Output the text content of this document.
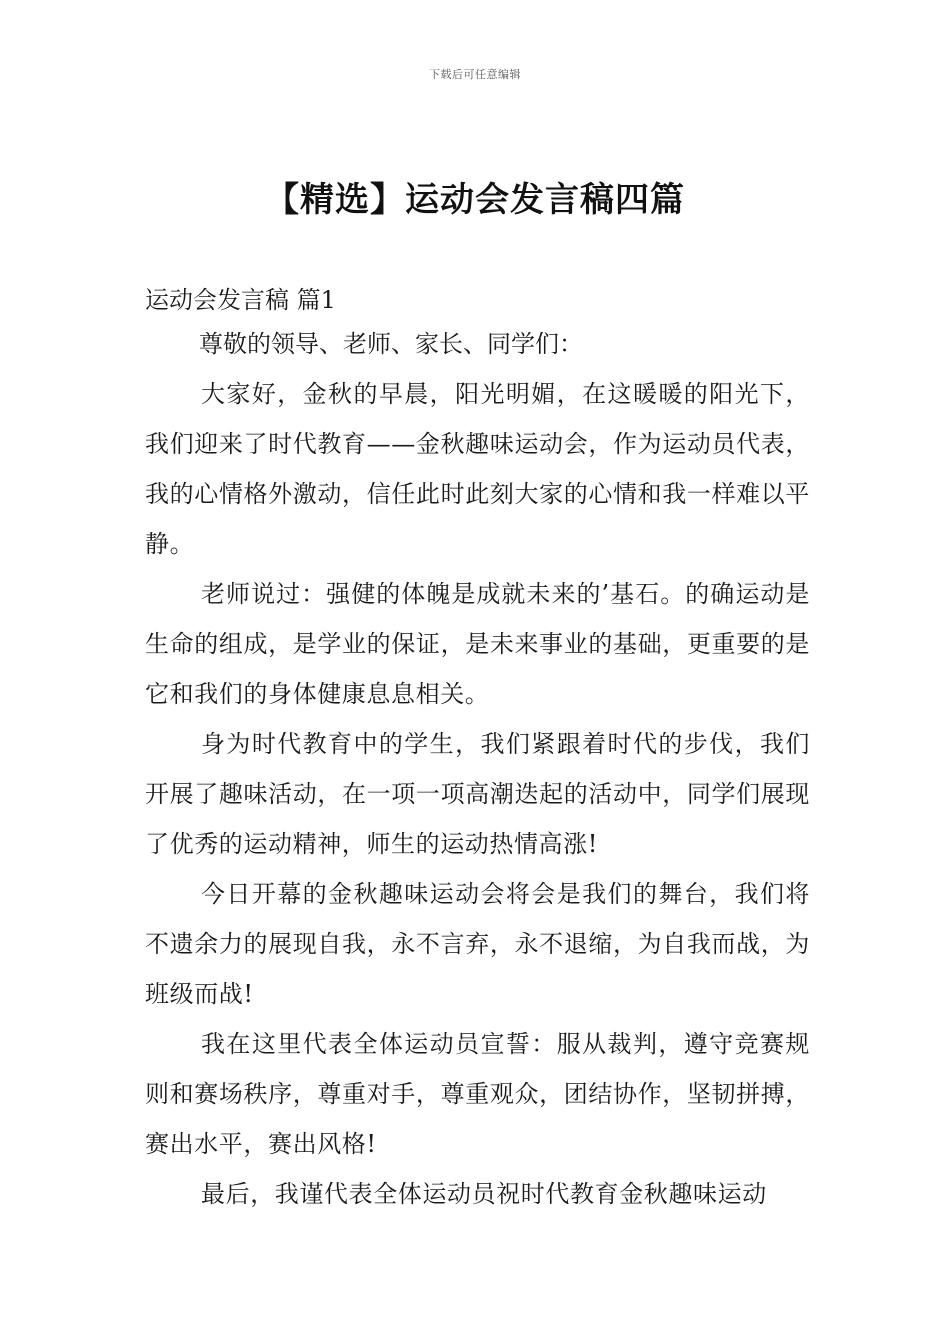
下载后可任意编辑
【精选】运动会发言稿四篇
运动会发言稿 篇1

尊敬的领导、老师、家长、同学们：

大家好，金秋的早晨，阳光明媚，在这暖暖的阳光下，我们迎来了时代教育——金秋趣味运动会，作为运动员代表，我的心情格外激动，信任此时此刻大家的心情和我一样难以平静。

老师说过：强健的体魄是成就未来的’基石。的确运动是生命的组成，是学业的保证，是未来事业的基础，更重要的是它和我们的身体健康息息相关。

身为时代教育中的学生，我们紧跟着时代的步伐，我们开展了趣味活动，在一项一项高潮迭起的活动中，同学们展现了优秀的运动精神，师生的运动热情高涨!

今日开幕的金秋趣味运动会将会是我们的舞台，我们将不遗余力的展现自我，永不言弃，永不退缩，为自我而战，为班级而战!

我在这里代表全体运动员宣誓：服从裁判，遵守竞赛规则和赛场秩序，尊重对手，尊重观众，团结协作，坚韧拼搏，赛出水平，赛出风格!

最后，我谨代表全体运动员祝时代教育金秋趣味运动
